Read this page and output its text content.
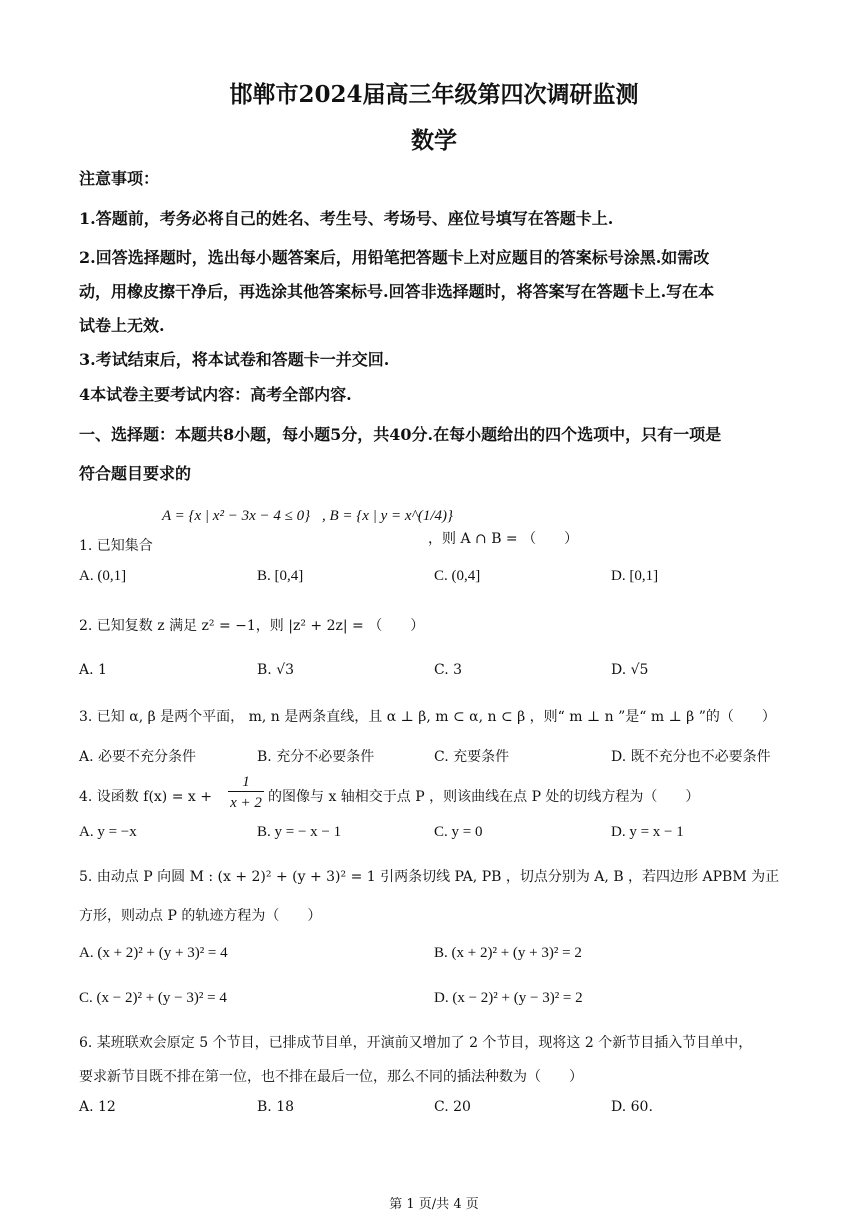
邯郸市2024届高三年级第四次调研监测
数学
注意事项：
1.答题前，考务必将自己的姓名、考生号、考场号、座位号填写在答题卡上.
2.回答选择题时，选出每小题答案后，用铅笔把答题卡上对应题目的答案标号涂黑.如需改
动，用橡皮擦干净后，再选涂其他答案标号.回答非选择题时，将答案写在答题卡上.写在本
试卷上无效.
3.考试结束后，将本试卷和答题卡一并交回.
4本试卷主要考试内容：高考全部内容.
一、选择题：本题共8小题，每小题5分，共40分.在每小题给出的四个选项中，只有一项是
符合题目要求的
1. 已知集合
A = {x | x² − 3x − 4 ≤ 0} , B = {x | y = x^(1/4)}
，则 A ∩ B = （　　）
A. (0,1]	B. [0,4]	C. (0,4]	D. [0,1]
2. 已知复数 z 满足 z² = −1，则 |z² + 2z| = （　　）
A. 1	B. √3	C. 3	D. √5
3. 已知 α, β 是两个平面， m, n 是两条直线，且 α ⊥ β, m ⊂ α, n ⊂ β ，则“ m ⊥ n ”是“ m ⊥ β ”的（　　）
A. 必要不充分条件	B. 充分不必要条件	C. 充要条件	D. 既不充分也不必要条件
4. 设函数 f(x) = x +
1
x + 2 的图像与 x 轴相交于点 P ，则该曲线在点 P 处的切线方程为（　　）
A. y = −x	B. y = − x − 1	C. y = 0	D. y = x − 1
5. 由动点 P 向圆 M : (x + 2)² + (y + 3)² = 1 引两条切线 PA, PB ，切点分别为 A, B ，若四边形 APBM 为正
方形，则动点 P 的轨迹方程为（　　）
A. (x + 2)² + (y + 3)² = 4	B. (x + 2)² + (y + 3)² = 2
C. (x − 2)² + (y − 3)² = 4	D. (x − 2)² + (y − 3)² = 2
6. 某班联欢会原定 5 个节目，已排成节目单，开演前又增加了 2 个节目，现将这 2 个新节目插入节目单中，
要求新节目既不排在第一位，也不排在最后一位，那么不同的插法种数为（　　）
A. 12	B. 18	C. 20	D. 60.
第 1 页/共 4 页
